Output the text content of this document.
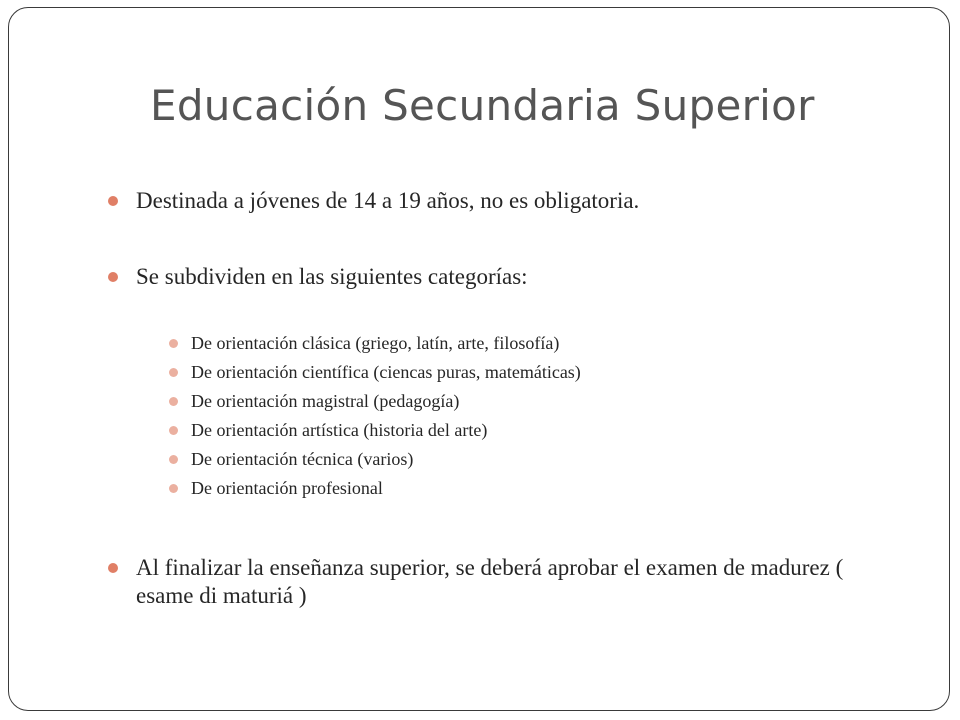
Educación Secundaria Superior
Destinada a jóvenes de 14 a 19 años, no es obligatoria.
Se subdividen en las siguientes categorías:
De orientación clásica (griego, latín, arte, filosofía)
De orientación científica (ciencas puras, matemáticas)
De orientación magistral (pedagogía)
De orientación artística (historia del arte)
De orientación técnica (varios)
De orientación profesional
Al finalizar la enseñanza superior, se deberá aprobar el examen de madurez ( esame di maturiá )
